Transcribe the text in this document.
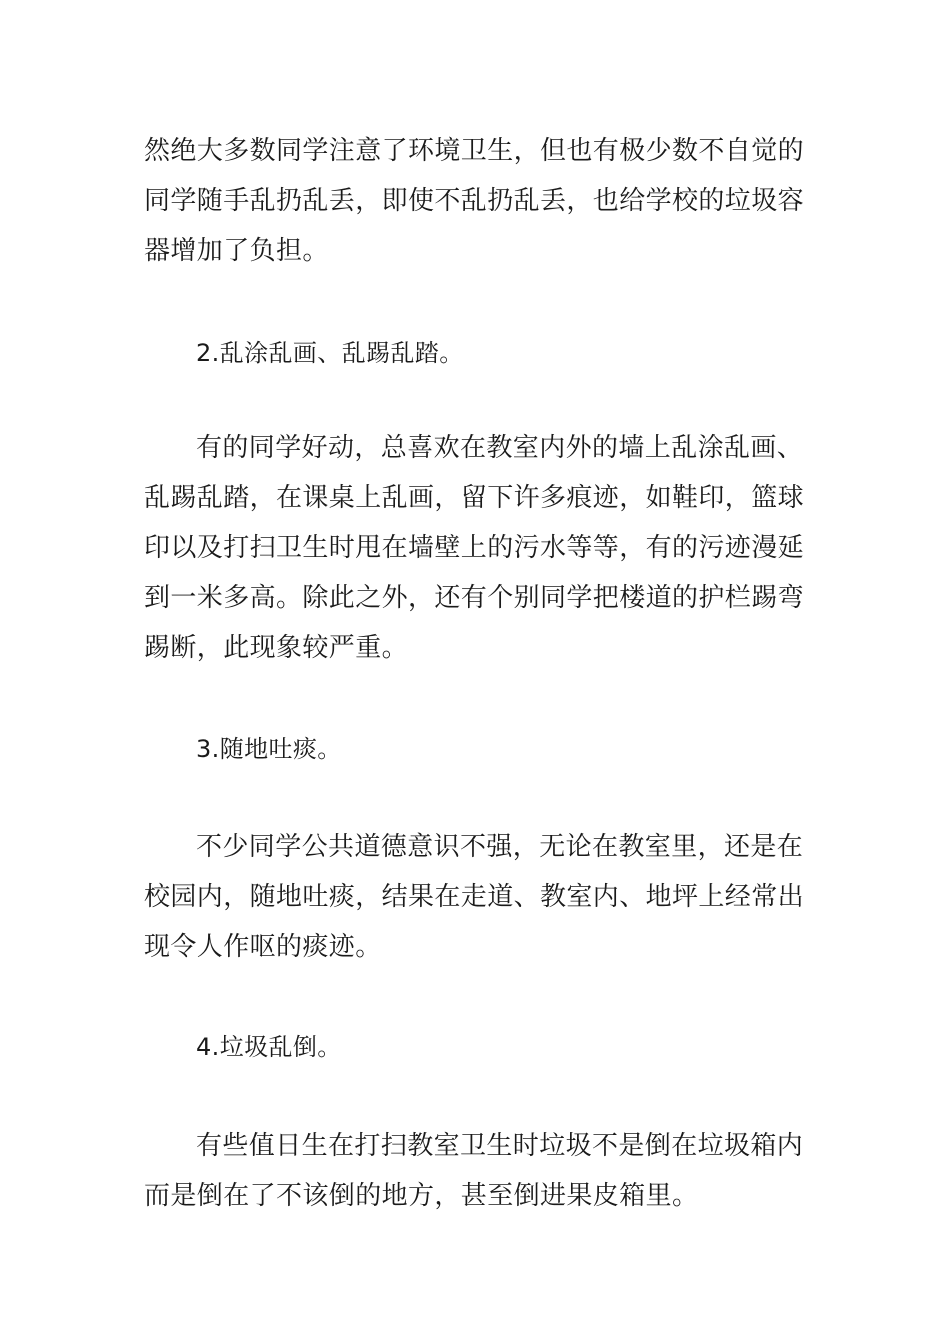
然绝大多数同学注意了环境卫生，但也有极少数不自觉的

同学随手乱扔乱丢，即使不乱扔乱丢，也给学校的垃圾容

器增加了负担。

2.乱涂乱画、乱踢乱踏。

有的同学好动，总喜欢在教室内外的墙上乱涂乱画、

乱踢乱踏，在课桌上乱画，留下许多痕迹，如鞋印，篮球

印以及打扫卫生时甩在墙壁上的污水等等，有的污迹漫延

到一米多高。除此之外，还有个别同学把楼道的护栏踢弯

踢断，此现象较严重。

3.随地吐痰。

不少同学公共道德意识不强，无论在教室里，还是在

校园内，随地吐痰，结果在走道、教室内、地坪上经常出

现令人作呕的痰迹。

4.垃圾乱倒。

有些值日生在打扫教室卫生时垃圾不是倒在垃圾箱内

而是倒在了不该倒的地方，甚至倒进果皮箱里。
